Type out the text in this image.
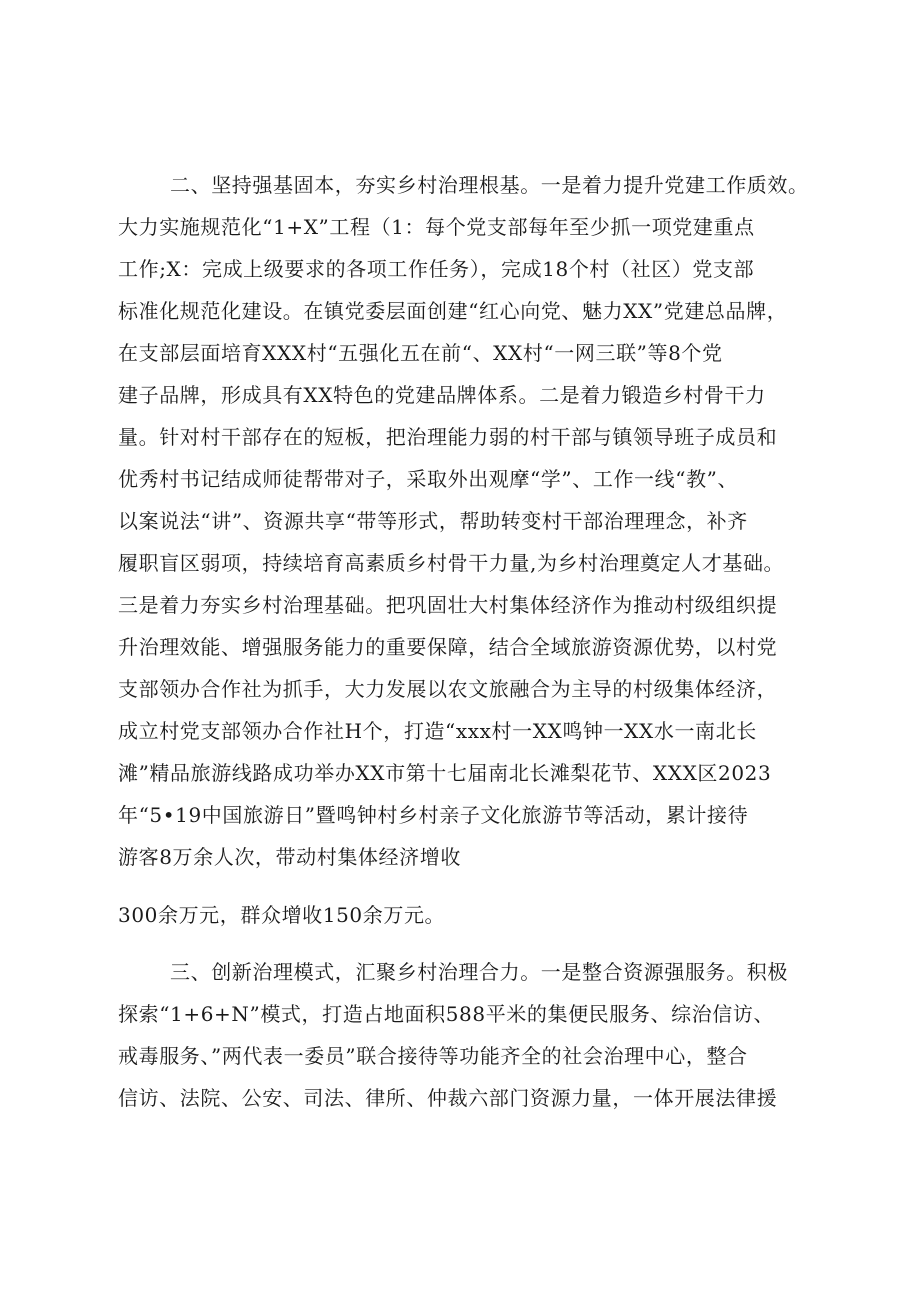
二、坚持强基固本，夯实乡村治理根基。一是着力提升党建工作质效。
大力实施规范化“1+X”工程（1：每个党支部每年至少抓一项党建重点
工作;X：完成上级要求的各项工作任务），完成18个村（社区）党支部
标准化规范化建设。在镇党委层面创建“红心向党、魅力XX”党建总品牌，
在支部层面培育XXX村“五强化五在前“、XX村“一网三联”等8个党
建子品牌，形成具有XX特色的党建品牌体系。二是着力锻造乡村骨干力
量。针对村干部存在的短板，把治理能力弱的村干部与镇领导班子成员和
优秀村书记结成师徒帮带对子，采取外出观摩“学”、工作一线“教”、
以案说法“讲”、资源共享“带等形式，帮助转变村干部治理理念，补齐
履职盲区弱项，持续培育高素质乡村骨干力量,为乡村治理奠定人才基础。
三是着力夯实乡村治理基础。把巩固壮大村集体经济作为推动村级组织提
升治理效能、增强服务能力的重要保障，结合全域旅游资源优势，以村党
支部领办合作社为抓手，大力发展以农文旅融合为主导的村级集体经济，
成立村党支部领办合作社H个，打造“xxx村一XX鸣钟一XX水一南北长
滩”精品旅游线路成功举办XX市第十七届南北长滩梨花节、XXX区2023
年“5•19中国旅游日”暨鸣钟村乡村亲子文化旅游节等活动，累计接待
游客8万余人次，带动村集体经济增收
300余万元，群众增收150余万元。
三、创新治理模式，汇聚乡村治理合力。一是整合资源强服务。积极
探索“1+6+N”模式，打造占地面积588平米的集便民服务、综治信访、
戒毒服务、”两代表一委员”联合接待等功能齐全的社会治理中心，整合
信访、法院、公安、司法、律所、仲裁六部门资源力量，一体开展法律援
